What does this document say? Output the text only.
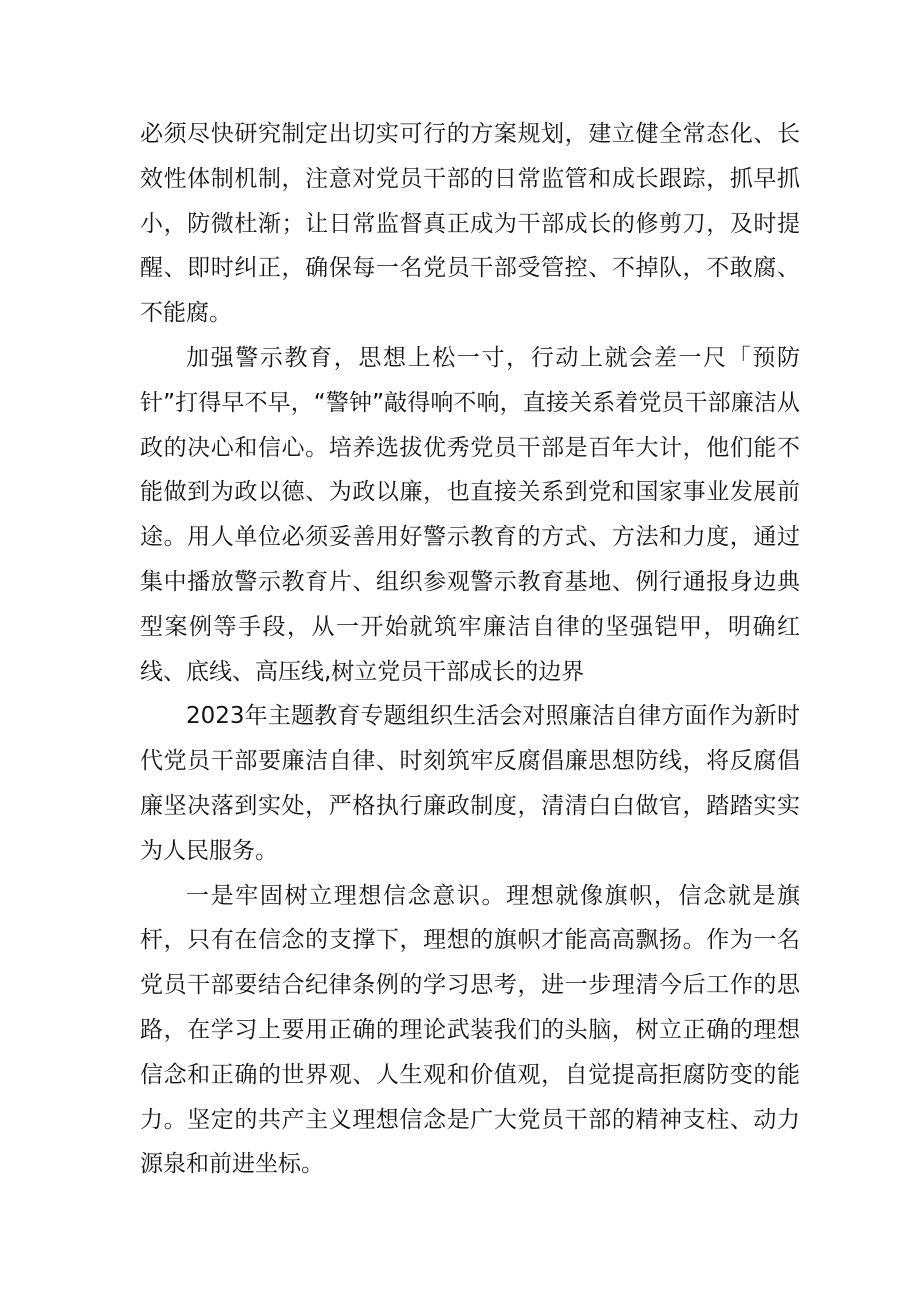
必须尽快研究制定出切实可行的方案规划，建立健全常态化、长效性体制机制，注意对党员干部的日常监管和成长跟踪，抓早抓小，防微杜渐；让日常监督真正成为干部成长的修剪刀，及时提醒、即时纠正，确保每一名党员干部受管控、不掉队，不敢腐、不能腐。

加强警示教育，思想上松一寸，行动上就会差一尺「预防针”打得早不早，“警钟”敲得响不响，直接关系着党员干部廉洁从政的决心和信心。培养选拔优秀党员干部是百年大计，他们能不能做到为政以德、为政以廉，也直接关系到党和国家事业发展前途。用人单位必须妥善用好警示教育的方式、方法和力度，通过集中播放警示教育片、组织参观警示教育基地、例行通报身边典型案例等手段，从一开始就筑牢廉洁自律的坚强铠甲，明确红线、底线、高压线,树立党员干部成长的边界

2023年主题教育专题组织生活会对照廉洁自律方面作为新时代党员干部要廉洁自律、时刻筑牢反腐倡廉思想防线，将反腐倡廉坚决落到实处，严格执行廉政制度，清清白白做官，踏踏实实为人民服务。

一是牢固树立理想信念意识。理想就像旗帜，信念就是旗杆，只有在信念的支撑下，理想的旗帜才能高高飘扬。作为一名党员干部要结合纪律条例的学习思考，进一步理清今后工作的思路，在学习上要用正确的理论武装我们的头脑，树立正确的理想信念和正确的世界观、人生观和价值观，自觉提高拒腐防变的能力。坚定的共产主义理想信念是广大党员干部的精神支柱、动力源泉和前进坐标。
